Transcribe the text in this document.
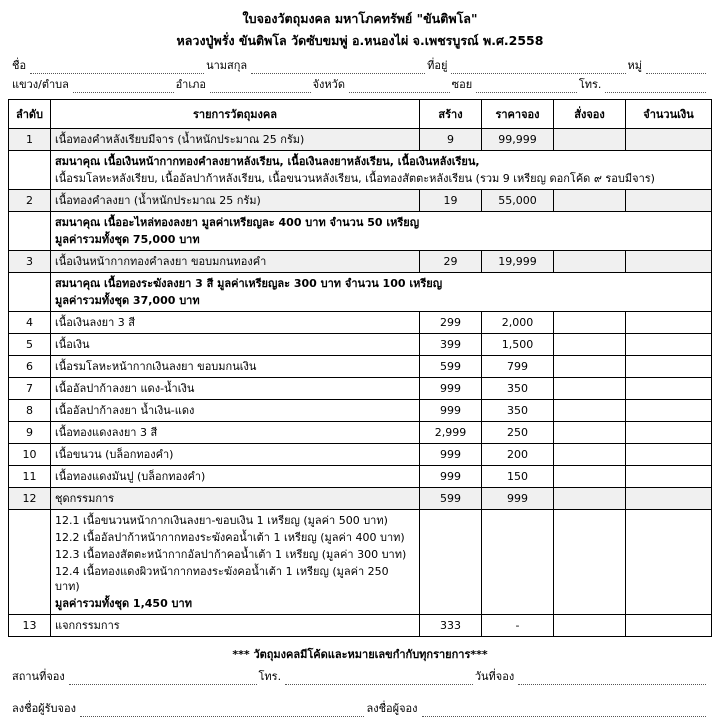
ใบจองวัตถุมงคล มหาโภคทรัพย์ "ขันติพโล"
หลวงปู่พรั่ง ขันติพโล วัดซับขมพู่ อ.หนองไผ่ จ.เพชรบูรณ์ พ.ศ.2558
ชื่อ	นามสกุล	ที่อยู่	หมู่
แขวง/ตำบล	อำเภอ	จังหวัด	ซอย	โทร.
ลำดับ	รายการวัตถุมงคล	สร้าง	ราคาจอง	สั่งจอง	จำนวนเงิน
1	เนื้อทองคำหลังเรียบมีจาร (น้ำหนักประมาณ 25 กรัม)	9	99,999		

	สมนาคุณ เนื้อเงินหน้ากากทองคำลงยาหลังเรียน, เนื้อเงินลงยาหลังเรียน, เนื้อเงินหลังเรียน,
เนื้อรมโลหะหลังเรียบ, เนื้ออัลปาก้าหลังเรียน, เนื้อขนวนหลังเรียน, เนื้อทองสัตตะหลังเรียน (รวม 9 เหรียญ ดอกโค้ด ๙ รอบมีจาร)				

2	เนื้อทองคำลงยา (น้ำหนักประมาณ 25 กรัม)	19	55,000		

	สมนาคุณ เนื้ออะไหล่ทองลงยา มูลค่าเหรียญละ 400 บาท จำนวน 50 เหรียญ
มูลค่ารวมทั้งชุด 75,000 บาท				

3	เนื้อเงินหน้ากากทองคำลงยา ขอบมกนทองคำ	29	19,999		

	สมนาคุณ เนื้อทองระฆังลงยา 3 สี มูลค่าเหรียญละ 300 บาท จำนวน 100 เหรียญ
มูลค่ารวมทั้งชุด 37,000 บาท				

4	เนื้อเงินลงยา 3 สี	299	2,000		
5	เนื้อเงิน	399	1,500		
6	เนื้อรมโลหะหน้ากากเงินลงยา ขอบมกนเงิน	599	799		
7	เนื้ออัลปาก้าลงยา แดง-น้ำเงิน	999	350		
8	เนื้ออัลปาก้าลงยา น้ำเงิน-แดง	999	350		
9	เนื้อทองแดงลงยา 3 สี	2,999	250		
10	เนื้อขนวน (บล็อกทองคำ)	999	200		
11	เนื้อทองแดงมันปู (บล็อกทองคำ)	999	150		
12	ชุดกรรมการ	599	999		

	12.1 เนื้อขนวนหน้ากากเงินลงยา-ขอบเงิน 1 เหรียญ (มูลค่า 500 บาท)
12.2 เนื้ออัลปาก้าหน้ากากทองระฆังคอน้ำเต้า 1 เหรียญ (มูลค่า 400 บาท)
12.3 เนื้อทองสัตตะหน้ากากอัลปาก้าคอน้ำเต้า 1 เหรียญ (มูลค่า 300 บาท)
12.4 เนื้อทองแดงผิวหน้ากากทองระฆังคอน้ำเต้า 1 เหรียญ (มูลค่า 250 บาท)
มูลค่ารวมทั้งชุด 1,450 บาท				

13	แจกกรรมการ	333	-		
*** วัตถุมงคลมีโค้ดและหมายเลขกำกับทุกรายการ***
สถานที่จอง	โทร.	วันที่จอง
ลงชื่อผู้รับจอง	ลงชื่อผู้จอง
